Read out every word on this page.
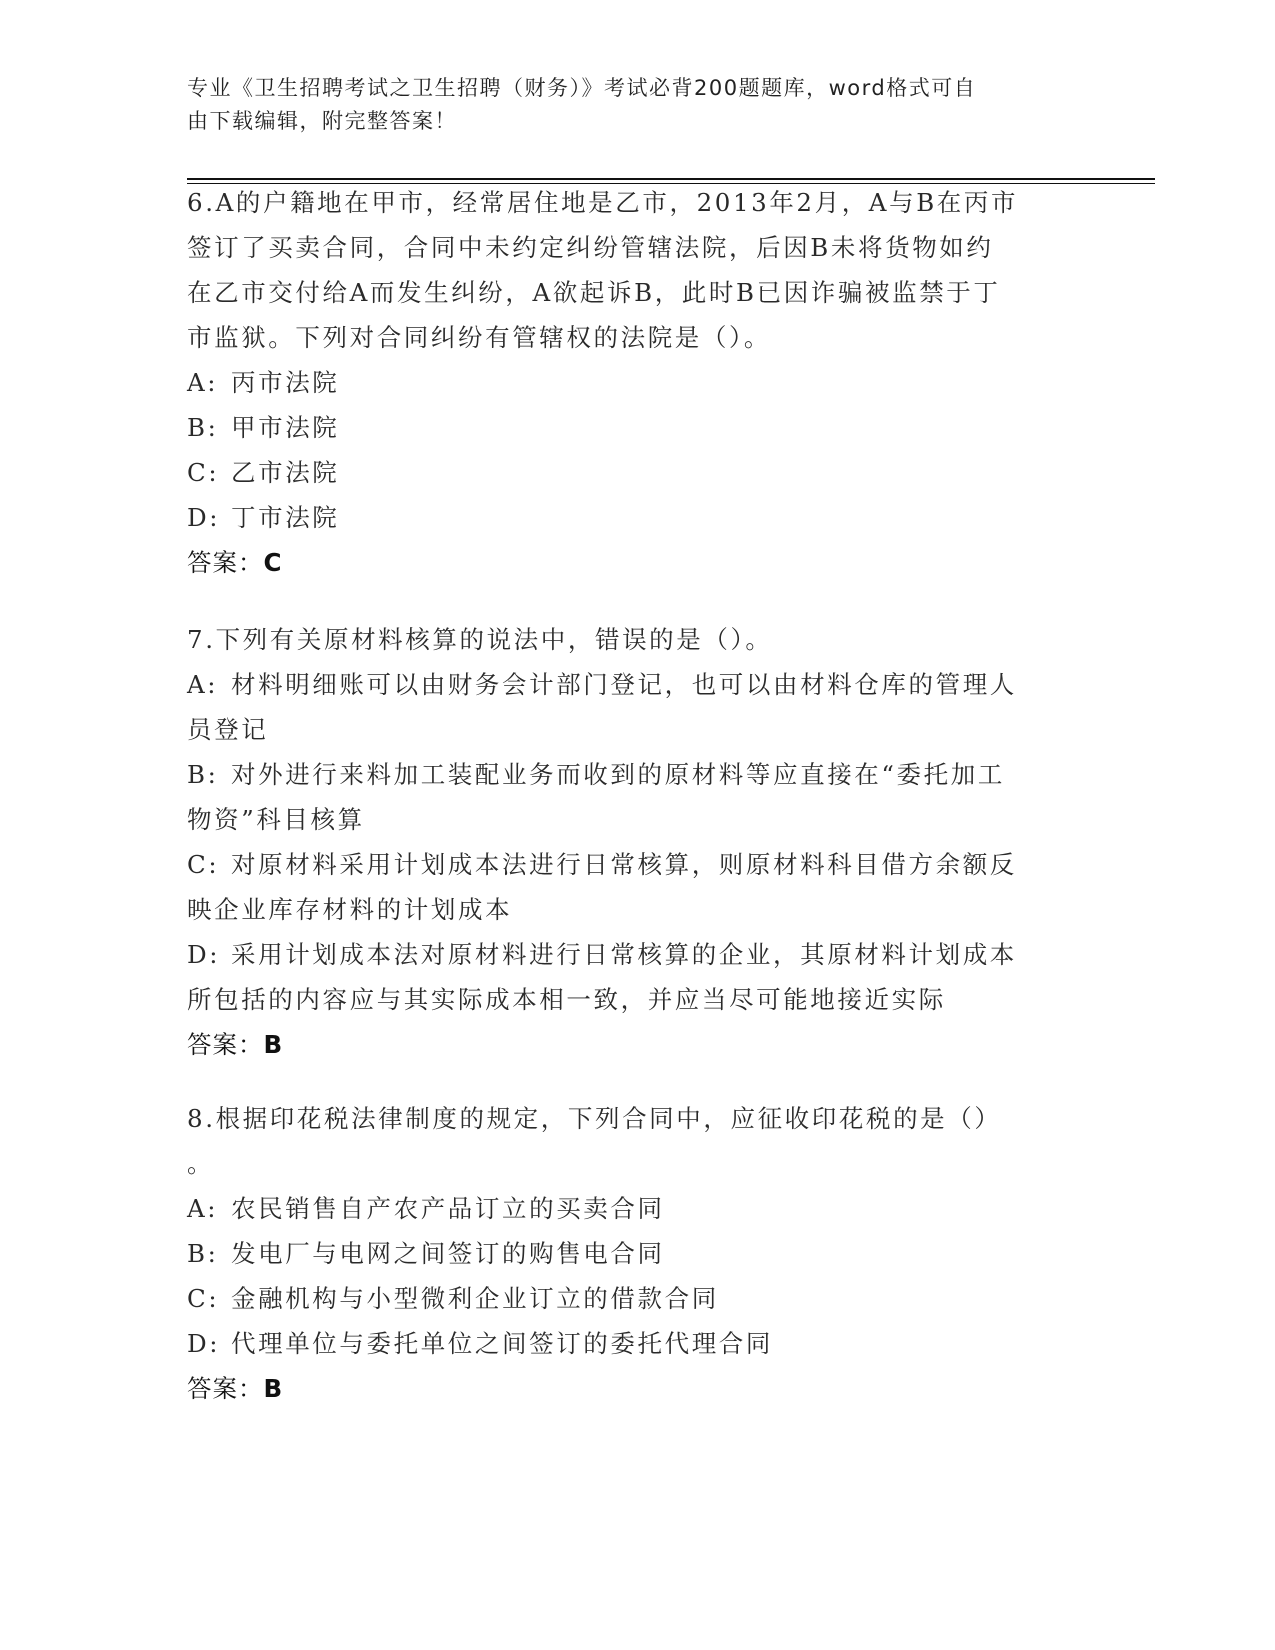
专业《卫生招聘考试之卫生招聘（财务）》考试必背200题题库，word格式可自
由下载编辑，附完整答案！
6.A的户籍地在甲市，经常居住地是乙市，2013年2月，A与B在丙市
签订了买卖合同，合同中未约定纠纷管辖法院，后因B未将货物如约
在乙市交付给A而发生纠纷，A欲起诉B，此时B已因诈骗被监禁于丁
市监狱。下列对合同纠纷有管辖权的法院是（）。
A: 丙市法院
B: 甲市法院
C: 乙市法院
D: 丁市法院
答案：C
7.下列有关原材料核算的说法中，错误的是（）。
A: 材料明细账可以由财务会计部门登记，也可以由材料仓库的管理人
员登记
B: 对外进行来料加工装配业务而收到的原材料等应直接在“委托加工
物资”科目核算
C: 对原材料采用计划成本法进行日常核算，则原材料科目借方余额反
映企业库存材料的计划成本
D: 采用计划成本法对原材料进行日常核算的企业，其原材料计划成本
所包括的内容应与其实际成本相一致，并应当尽可能地接近实际
答案：B
8.根据印花税法律制度的规定，下列合同中，应征收印花税的是（）
。
A: 农民销售自产农产品订立的买卖合同
B: 发电厂与电网之间签订的购售电合同
C: 金融机构与小型微利企业订立的借款合同
D: 代理单位与委托单位之间签订的委托代理合同
答案：B
